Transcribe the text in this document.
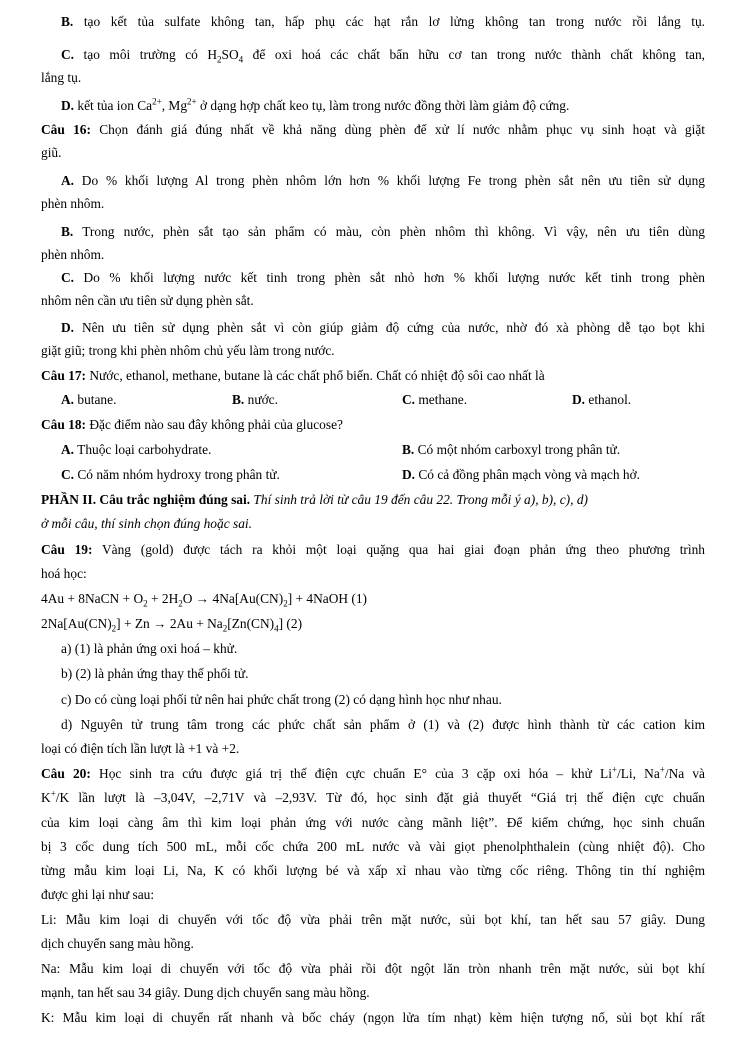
B. tạo kết tủa sulfate không tan, hấp phụ các hạt rắn lơ lửng không tan trong nước rồi lắng tụ.
C. tạo môi trường có $H_2SO_4$ để oxi hoá các chất bẩn hữu cơ tan trong nước thành chất không tan,
lắng tụ.
D. kết tủa ion $Ca^{2+}$, $Mg^{2+}$ ở dạng hợp chất keo tụ, làm trong nước đồng thời làm giảm độ cứng.
Câu 16: Chọn đánh giá đúng nhất về khả năng dùng phèn để xử lí nước nhằm phục vụ sinh hoạt và giặt
giũ.
A. Do % khối lượng Al trong phèn nhôm lớn hơn % khối lượng Fe trong phèn sắt nên ưu tiên sử dụng
phèn nhôm.
B. Trong nước, phèn sắt tạo sản phẩm có màu, còn phèn nhôm thì không. Vì vậy, nên ưu tiên dùng
phèn nhôm.
C. Do % khối lượng nước kết tinh trong phèn sắt nhỏ hơn % khối lượng nước kết tinh trong phèn
nhôm nên cần ưu tiên sử dụng phèn sắt.
D. Nên ưu tiên sử dụng phèn sắt vì còn giúp giảm độ cứng của nước, nhờ đó xà phòng dễ tạo bọt khi
giặt giũ; trong khi phèn nhôm chủ yếu làm trong nước.
Câu 17: Nước, ethanol, methane, butane là các chất phổ biến. Chất có nhiệt độ sôi cao nhất là
A. butane.	B. nước.	C. methane.	D. ethanol.
Câu 18: Đặc điểm nào sau đây không phải của glucose?
A. Thuộc loại carbohydrate.	B. Có một nhóm carboxyl trong phân tử.
C. Có năm nhóm hydroxy trong phân tử.	D. Có cả đồng phân mạch vòng và mạch hở.
PHẦN II. Câu trắc nghiệm đúng sai. Thí sinh trả lời từ câu 19 đến câu 22. Trong mỗi ý a), b), c), d)
ở mỗi câu, thí sinh chọn đúng hoặc sai.
Câu 19: Vàng (gold) được tách ra khỏi một loại quặng qua hai giai đoạn phản ứng theo phương trình
hoá học:
4Au + 8NaCN + $O_2 + 2H_2O \to 4Na[Au(CN)_2]$ + 4NaOH (1)
$2Na[Au(CN)_2] + Zn \to 2Au + Na_2[Zn(CN)_4]$ (2)
a) (1) là phản ứng oxi hoá – khử.
b) (2) là phản ứng thay thế phối tử.
c) Do có cùng loại phối tử nên hai phức chất trong (2) có dạng hình học như nhau.
d) Nguyên tử trung tâm trong các phức chất sản phẩm ở (1) và (2) được hình thành từ các cation kim
loại có điện tích lần lượt là +1 và +2.
Câu 20: Học sinh tra cứu được giá trị thế điện cực chuẩn E° của 3 cặp oxi hóa – khử Li+/Li, Na+/Na và
K+/K lần lượt là –3,04V, –2,71V và –2,93V. Từ đó, học sinh đặt giả thuyết “Giá trị thế điện cực chuẩn
của kim loại càng âm thì kim loại phản ứng với nước càng mãnh liệt”. Để kiểm chứng, học sinh chuẩn
bị 3 cốc dung tích 500 mL, mỗi cốc chứa 200 mL nước và vài giọt phenolphthalein (cùng nhiệt độ). Cho
từng mẫu kim loại Li, Na, K có khối lượng bé và xấp xỉ nhau vào từng cốc riêng. Thông tin thí nghiệm
được ghi lại như sau:
Li: Mẫu kim loại di chuyển với tốc độ vừa phải trên mặt nước, sủi bọt khí, tan hết sau 57 giây. Dung
dịch chuyển sang màu hồng.
Na: Mẫu kim loại di chuyển với tốc độ vừa phải rồi đột ngột lăn tròn nhanh trên mặt nước, sủi bọt khí
mạnh, tan hết sau 34 giây. Dung dịch chuyển sang màu hồng.
K: Mẫu kim loại di chuyển rất nhanh và bốc cháy (ngọn lửa tím nhạt) kèm hiện tượng nổ, sủi bọt khí rất
